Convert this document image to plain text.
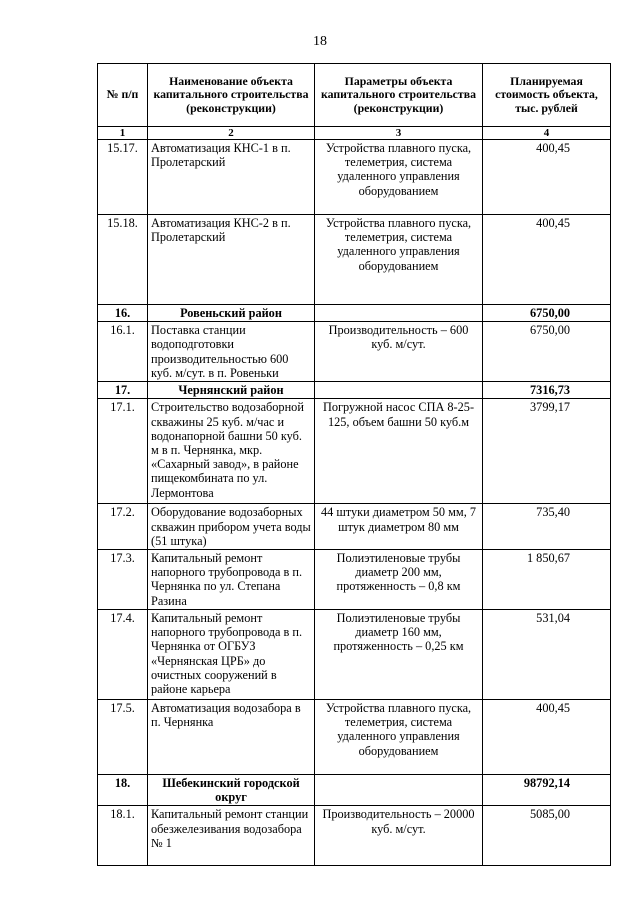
18
№ п/п	Наименование объекта капитального строительства (реконструкции)	Параметры объекта капитального строительства (реконструкции)	Планируемая стоимость объекта, тыс. рублей
1	2	3	4
15.17.	Автоматизация КНС-1 в п. Пролетарский	Устройства плавного пуска, телеметрия, система удаленного управления оборудованием	400,45
15.18.	Автоматизация КНС-2 в п. Пролетарский	Устройства плавного пуска, телеметрия, система удаленного управления оборудованием	400,45
16.	Ровеньский район		6750,00
16.1.	Поставка станции водоподготовки производительностью 600 куб. м/сут. в п. Ровеньки	Производительность – 600 куб. м/сут.	6750,00
17.	Чернянский район		7316,73
17.1.	Строительство водозаборной скважины 25 куб. м/час и водонапорной башни 50 куб. м в п. Чернянка, мкр. «Сахарный завод», в районе пищекомбината по ул. Лермонтова	Погружной насос СПА 8-25-125, объем башни 50 куб.м	3799,17
17.2.	Оборудование водозаборных скважин прибором учета воды (51 штука)	44 штуки диаметром 50 мм, 7 штук диаметром 80 мм	735,40
17.3.	Капитальный ремонт напорного трубопровода в п. Чернянка по ул. Степана Разина	Полиэтиленовые трубы диаметр 200 мм, протяженность – 0,8 км	1 850,67
17.4.	Капитальный ремонт напорного трубопровода в п. Чернянка от ОГБУЗ «Чернянская ЦРБ» до очистных сооружений в районе карьера	Полиэтиленовые трубы диаметр 160 мм, протяженность – 0,25 км	531,04
17.5.	Автоматизация водозабора в п. Чернянка	Устройства плавного пуска, телеметрия, система удаленного управления оборудованием	400,45
18.	Шебекинский городской округ		98792,14
18.1.	Капитальный ремонт станции обезжелезивания водозабора № 1	Производительность – 20000 куб. м/сут.	5085,00
